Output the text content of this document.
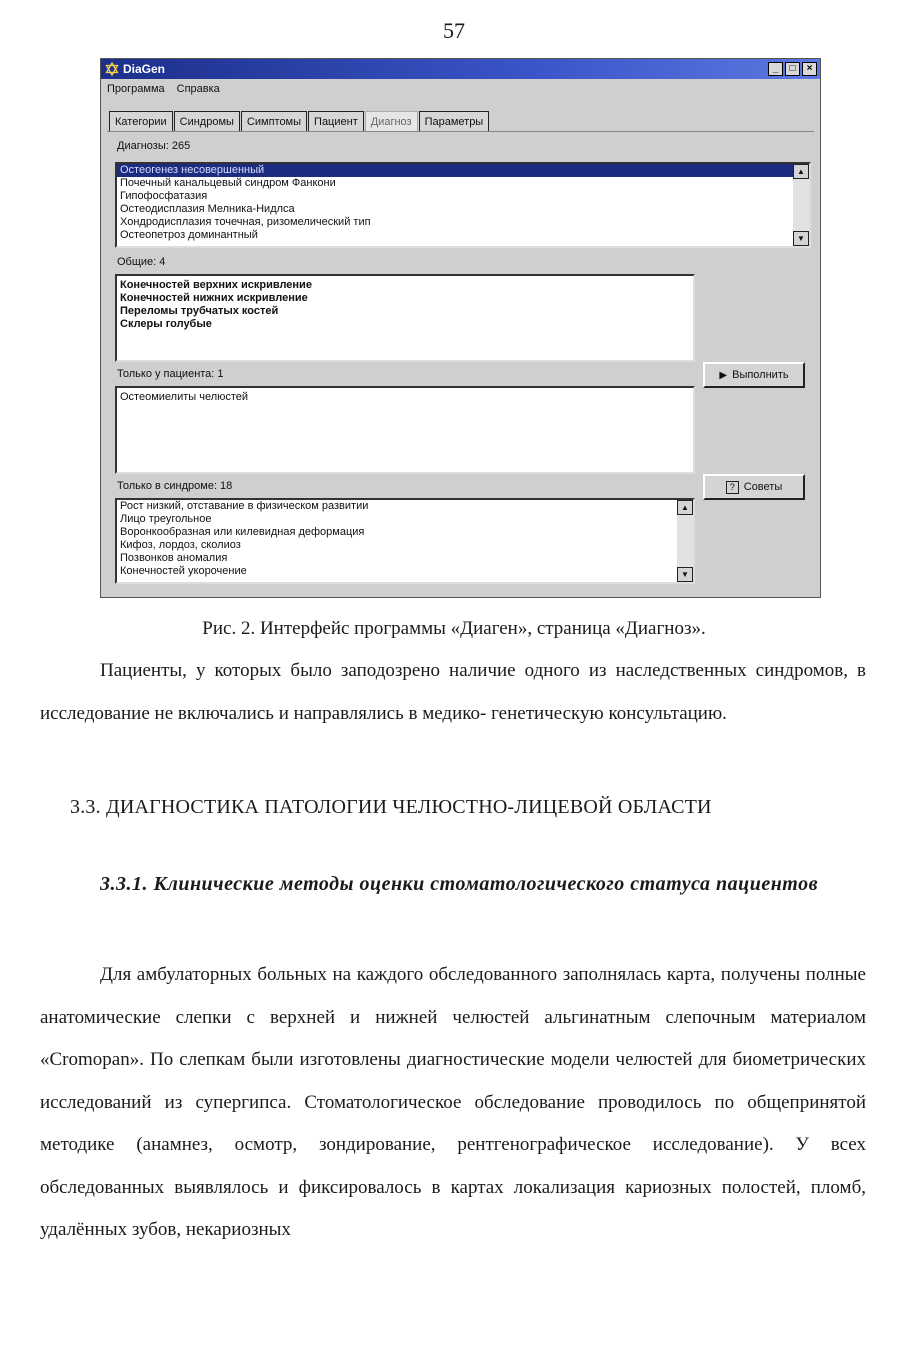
57
DiaGen	_	□	×
Программа Справка
Категории	Синдромы	Симптомы	Пациент	Диагноз	Параметры
Диагнозы: 265
Остеогенез несовершенный
Почечный канальцевый синдром Фанкони
Гипофосфатазия
Остеодисплазия Мелника-Нидлса
Хондродисплазия точечная, ризомелический тип
Остеопетроз доминантный
▲
▼
Общие: 4
Конечностей верхних искривление
Конечностей нижних искривление
Переломы трубчатых костей
Склеры голубые
Только у пациента: 1	▶ Выполнить
Остеомиелиты челюстей
Только в синдроме: 18	? Советы
Рост низкий, отставание в физическом развитии
Лицо треугольное
Воронкообразная или килевидная деформация
Кифоз, лордоз, сколиоз
Позвонков аномалия
Конечностей укорочение
▲
▼
Рис. 2. Интерфейс программы «Диаген», страница «Диагноз».

Пациенты, у которых было заподозрено наличие одного из наследственных синдромов, в исследование не включались и направлялись в медико- генетическую консультацию.

3.3. ДИАГНОСТИКА ПАТОЛОГИИ ЧЕЛЮСТНО-ЛИЦЕВОЙ ОБЛАСТИ

3.3.1. Клинические методы оценки стоматологического статуса пациентов

Для амбулаторных больных на каждого обследованного заполнялась карта, получены полные анатомические слепки с верхней и нижней челюстей альгинатным слепочным материалом «Cromopan». По слепкам были изготовлены диагностические модели челюстей для биометрических исследований из супергипса. Стоматологическое обследование проводилось по общепринятой методике (анамнез, осмотр, зондирование, рентгенографическое исследование). У всех обследованных выявлялось и фиксировалось в картах локализация кариозных полостей, пломб, удалённых зубов, некариозных
